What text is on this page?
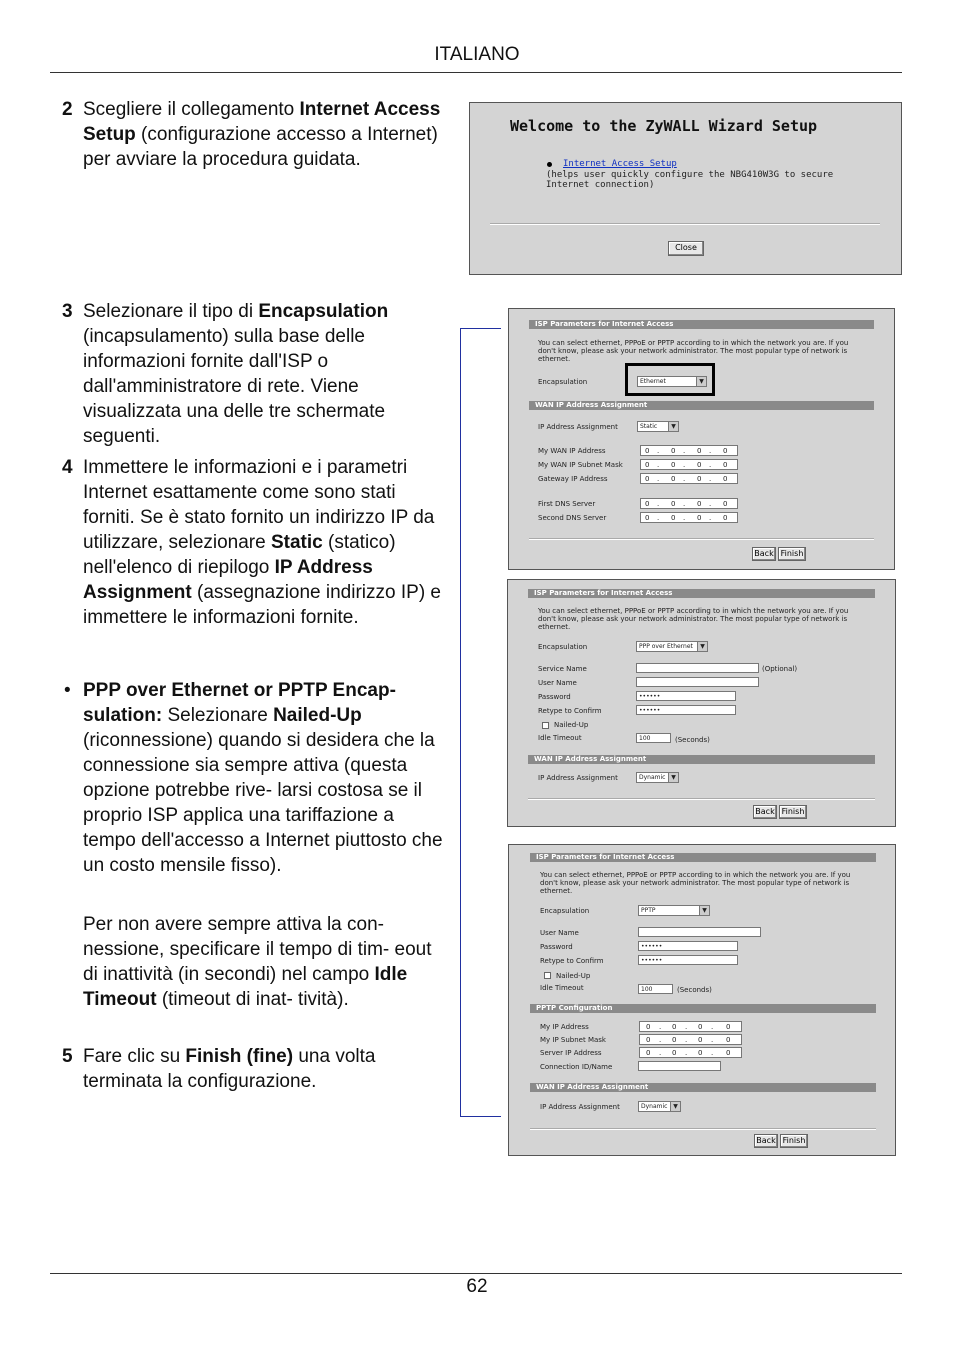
ITALIANO
2 Scegliere il collegamento Internet Access Setup (configurazione accesso a Internet) per avviare la procedura guidata.
3 Selezionare il tipo di Encapsulation (incapsulamento) sulla base delle informazioni fornite dall'ISP o dall'amministratore di rete. Viene visualizzata una delle tre schermate seguenti.
4 Immettere le informazioni e i parametri Internet esattamente come sono stati forniti. Se è stato fornito un indirizzo IP da utilizzare, selezionare Static (statico) nell'elenco di riepilogo IP Address Assignment (assegnazione indirizzo IP) e immettere le informazioni fornite.
• PPP over Ethernet or PPTP Encap- sulation: Selezionare Nailed-Up (riconnessione) quando si desidera che la connessione sia sempre attiva (questa opzione potrebbe rive- larsi costosa se il proprio ISP applica una tariffazione a tempo dell'accesso a Internet piuttosto che un costo mensile fisso).
Per non avere sempre attiva la con- nessione, specificare il tempo di tim- eout di inattività (in secondi) nel campo Idle Timeout (timeout di inat- tività).
5 Fare clic su Finish (fine) una volta terminata la configurazione.
Welcome to the ZyWALL Wizard Setup
Internet Access Setup
(helps user quickly configure the NBG410W3G to secure
Internet connection)
Close
ISP Parameters for Internet Access
You can select ethernet, PPPoE or PPTP according to in which the network you are. If you
don't know, please ask your network administrator. The most popular type of network is
ethernet.
Encapsulation	Ethernet	▼
WAN IP Address Assignment
IP Address Assignment	Static	▼
My WAN IP Address	0 . 0 . 0 . 0
My WAN IP Subnet Mask	0 . 0 . 0 . 0
Gateway IP Address	0 . 0 . 0 . 0
First DNS Server	0 . 0 . 0 . 0
Second DNS Server	0 . 0 . 0 . 0
Back Finish
ISP Parameters for Internet Access
You can select ethernet, PPPoE or PPTP according to in which the network you are. If you
don't know, please ask your network administrator. The most popular type of network is
ethernet.
Encapsulation	PPP over Ethernet	▼
Service Name	(Optional)
User Name
Password	••••••
Retype to Confirm	••••••
Nailed-Up
Idle Timeout	100	(Seconds)
WAN IP Address Assignment
IP Address Assignment	Dynamic ▼
Back Finish
ISP Parameters for Internet Access
You can select ethernet, PPPoE or PPTP according to in which the network you are. If you
don't know, please ask your network administrator. The most popular type of network is
ethernet.
Encapsulation	PPTP	▼
User Name
Password	••••••
Retype to Confirm	••••••
Nailed-Up
Idle Timeout	100	(Seconds)
PPTP Configuration
My IP Address	0 . 0 . 0 . 0
My IP Subnet Mask	0 . 0 . 0 . 0
Server IP Address	0 . 0 . 0 . 0
Connection ID/Name
WAN IP Address Assignment
IP Address Assignment	Dynamic ▼
Back Finish
62
